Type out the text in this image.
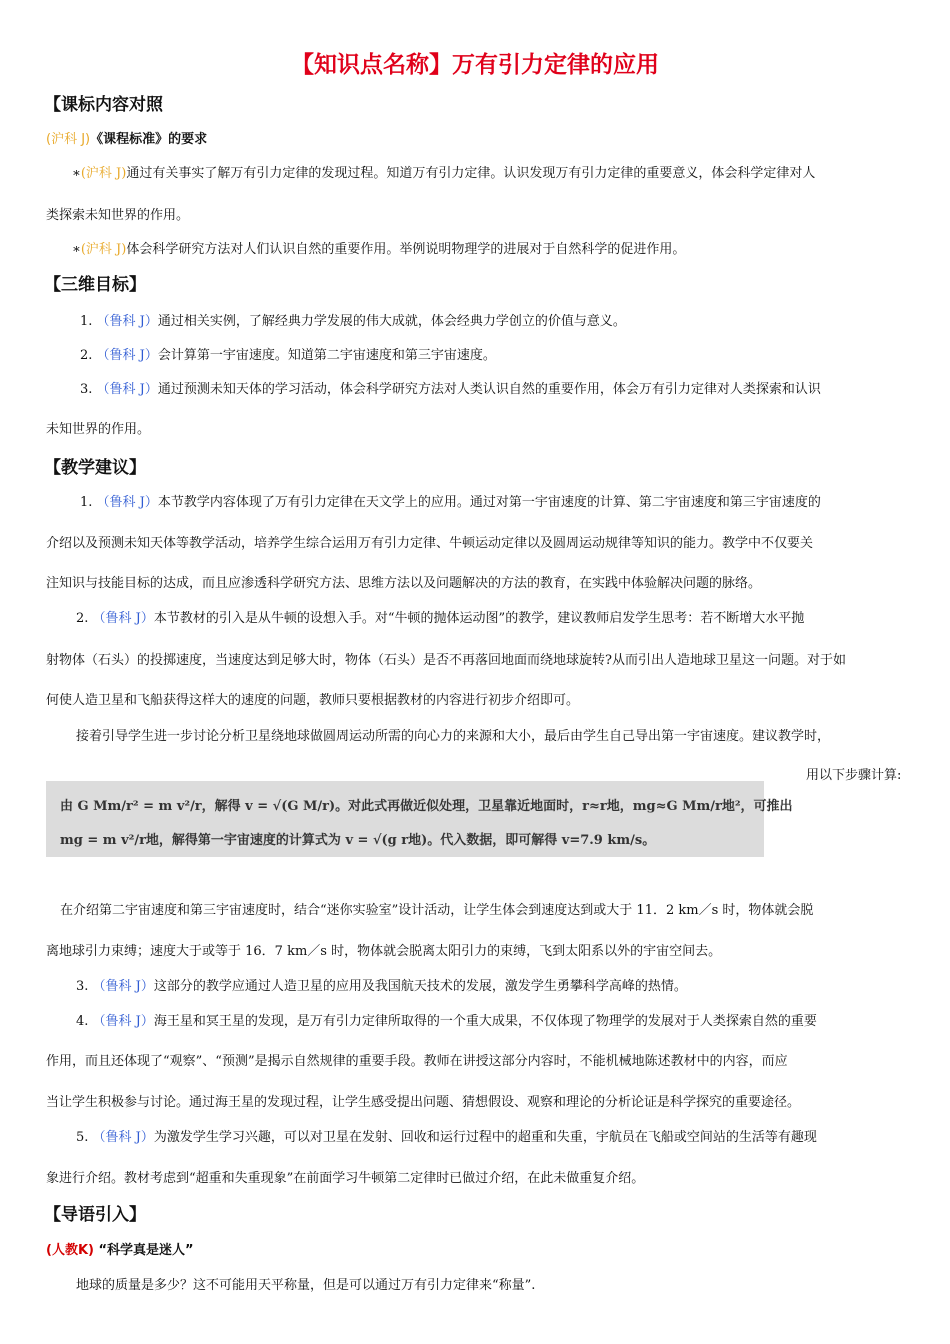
【知识点名称】万有引力定律的应用
【课标内容对照
(沪科 J)《课程标准》的要求
∗(沪科 J)通过有关事实了解万有引力定律的发现过程。知道万有引力定律。认识发现万有引力定律的重要意义，体会科学定律对人
类探索未知世界的作用。
∗(沪科 J)体会科学研究方法对人们认识自然的重要作用。举例说明物理学的进展对于自然科学的促进作用。
【三维目标】
1. （鲁科 J）通过相关实例，了解经典力学发展的伟大成就，体会经典力学创立的价值与意义。
2. （鲁科 J）会计算第一宇宙速度。知道第二宇宙速度和第三宇宙速度。
3. （鲁科 J）通过预测未知天体的学习活动，体会科学研究方法对人类认识自然的重要作用，体会万有引力定律对人类探索和认识
未知世界的作用。
【教学建议】
1. （鲁科 J）本节教学内容体现了万有引力定律在天文学上的应用。通过对第一宇宙速度的计算、第二宇宙速度和第三宇宙速度的
介绍以及预测未知天体等教学活动，培养学生综合运用万有引力定律、牛顿运动定律以及圆周运动规律等知识的能力。教学中不仅要关
注知识与技能目标的达成，而且应渗透科学研究方法、思维方法以及问题解决的方法的教育，在实践中体验解决问题的脉络。
2. （鲁科 J）本节教材的引入是从牛顿的设想入手。对“牛顿的抛体运动图”的教学，建议教师启发学生思考：若不断增大水平抛
射物体（石头）的投掷速度，当速度达到足够大时，物体（石头）是否不再落回地面而绕地球旋转?从而引出人造地球卫星这一问题。对于如
何使人造卫星和飞船获得这样大的速度的问题，教师只要根据教材的内容进行初步介绍即可。
接着引导学生进一步讨论分析卫星绕地球做圆周运动所需的向心力的来源和大小，最后由学生自己导出第一宇宙速度。建议教学时，
用以下步骤计算:
由 G Mm/r² = m v²/r，解得 v = √(G M/r)。对此式再做近似处理，卫星靠近地面时，r≈r地，mg≈G Mm/r地²，可推出
mg = m v²/r地，解得第一宇宙速度的计算式为 v = √(g r地)。代入数据，即可解得 v=7.9 km/s。
在介绍第二宇宙速度和第三宇宙速度时，结合“迷你实验室”设计活动，让学生体会到速度达到或大于 11．2 km／s 时，物体就会脱
离地球引力束缚；速度大于或等于 16．7 km／s 时，物体就会脱离太阳引力的束缚，飞到太阳系以外的宇宙空间去。
3. （鲁科 J）这部分的教学应通过人造卫星的应用及我国航天技术的发展，激发学生勇攀科学高峰的热情。
4. （鲁科 J）海王星和冥王星的发现，是万有引力定律所取得的一个重大成果，不仅体现了物理学的发展对于人类探索自然的重要
作用，而且还体现了“观察”、“预测”是揭示自然规律的重要手段。教师在讲授这部分内容时，不能机械地陈述教材中的内容，而应
当让学生积极参与讨论。通过海王星的发现过程，让学生感受提出问题、猜想假设、观察和理论的分析论证是科学探究的重要途径。
5. （鲁科 J）为激发学生学习兴趣，可以对卫星在发射、回收和运行过程中的超重和失重，宇航员在飞船或空间站的生活等有趣现
象进行介绍。教材考虑到“超重和失重现象”在前面学习牛顿第二定律时已做过介绍，在此未做重复介绍。
【导语引入】
(人教K) “科学真是迷人”
地球的质量是多少？这不可能用天平称量，但是可以通过万有引力定律来“称量”.
